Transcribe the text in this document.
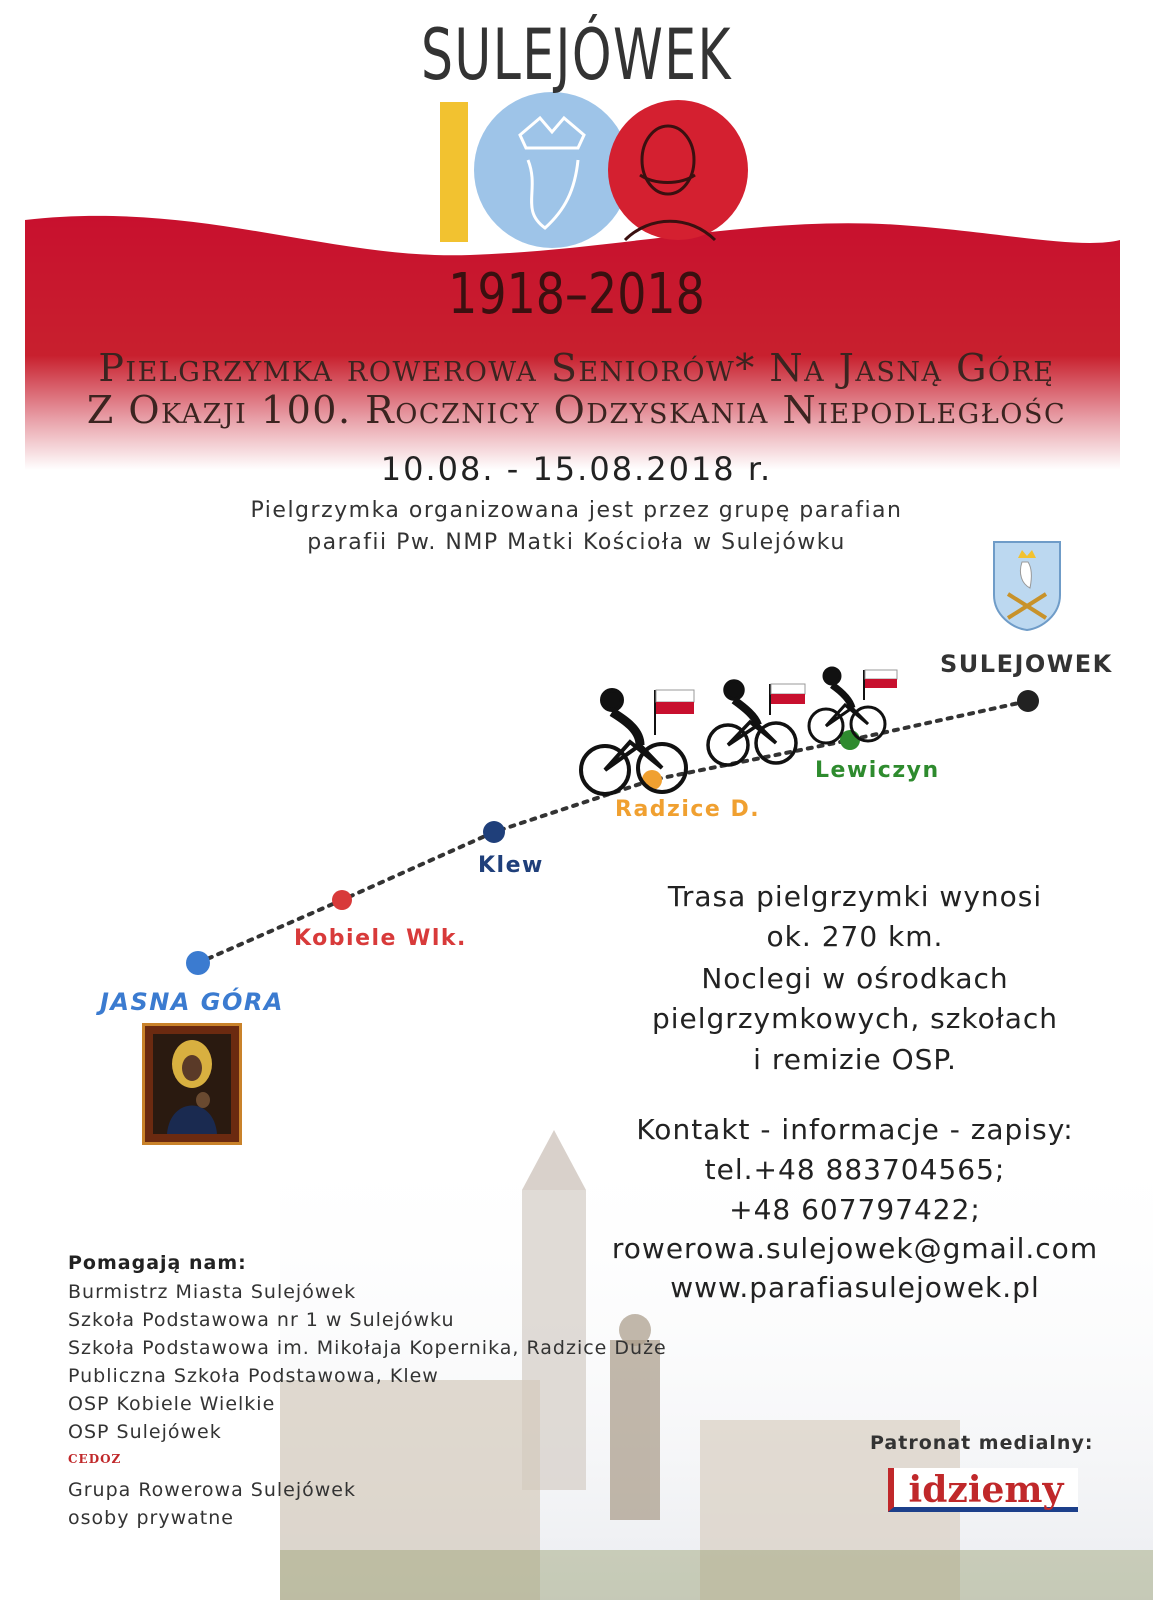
SULEJÓWEK
1918–2018
Pielgrzymka rowerowa Seniorów* Na Jasną Górę
Z Okazji 100. Rocznicy Odzyskania Niepodległośc
10.08. - 15.08.2018 r.
Pielgrzymka organizowana jest przez grupę parafian
parafii Pw. NMP Matki Kościoła w Sulejówku
SULEJOWEK
Lewiczyn
Radzice D.
Klew
Kobiele Wlk.
JASNA GÓRA
Trasa pielgrzymki wynosi
ok. 270 km.
Noclegi w ośrodkach
pielgrzymkowych, szkołach
i remizie OSP.
Kontakt - informacje - zapisy:
tel.+48 883704565;
+48 607797422;
rowerowa.sulejowek@gmail.com
www.parafiasulejowek.pl
Pomagają nam:
Burmistrz Miasta Sulejówek
Szkoła Podstawowa nr 1 w Sulejówku
Szkoła Podstawowa im. Mikołaja Kopernika, Radzice Duże
Publiczna Szkoła Podstawowa, Klew
OSP Kobiele Wielkie
OSP Sulejówek
CEDOZ
Grupa Rowerowa Sulejówek
osoby prywatne
Patronat medialny:
idziemy
